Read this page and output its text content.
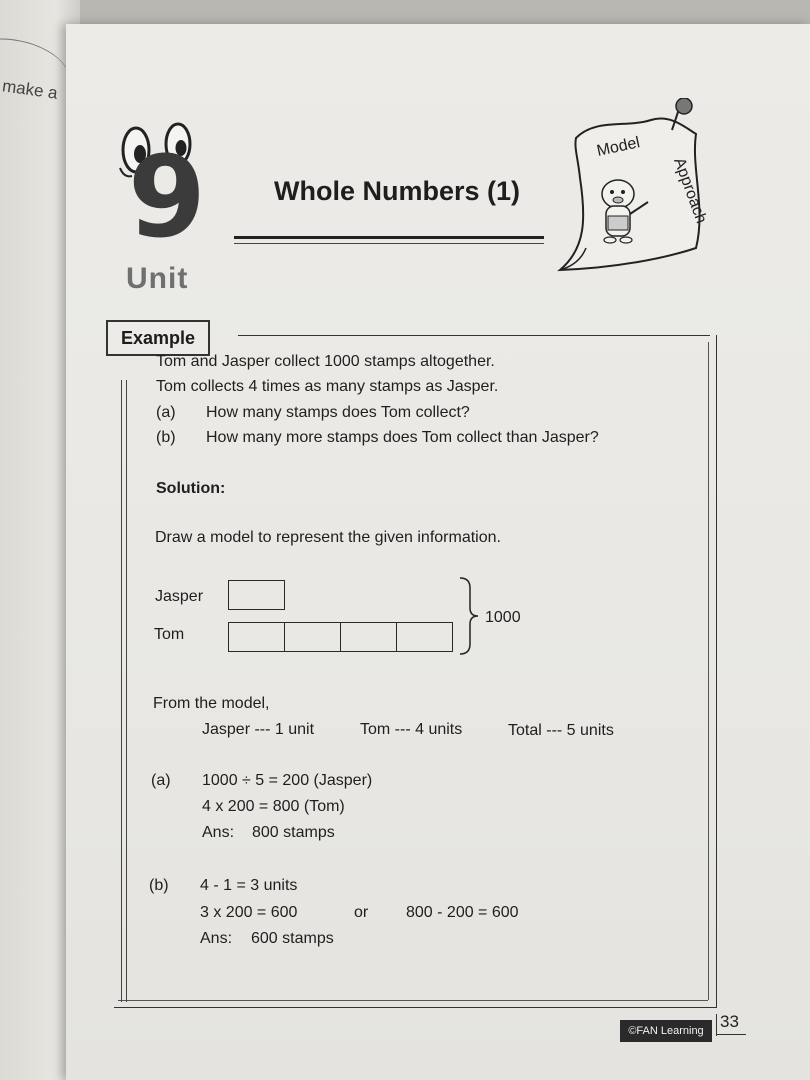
make a
9
Unit
Whole Numbers (1)
Model
Approach
Example
Tom and Jasper collect 1000 stamps altogether.
Tom collects 4 times as many stamps as Jasper.
(a) How many stamps does Tom collect?
(b) How many more stamps does Tom collect than Jasper?
Solution:
Draw a model to represent the given information.
Jasper
Tom
1000
From the model,
Jasper --- 1 unit	Tom --- 4 units	Total --- 5 units
(a) 1000 ÷ 5 = 200 (Jasper)
4 x 200 = 800 (Tom)
Ans: 800 stamps
(b) 4 - 1 = 3 units
3 x 200 = 600	or 800 - 200 = 600
Ans: 600 stamps
©FAN Learning 33
